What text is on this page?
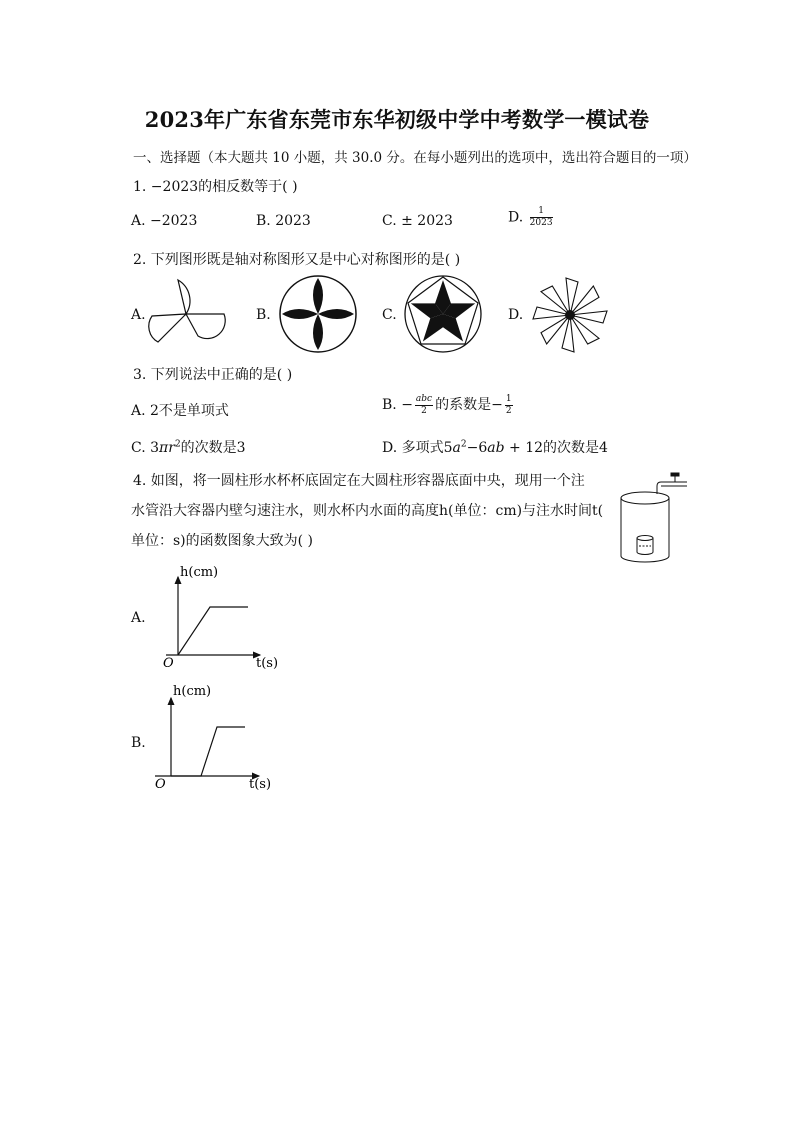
2023年广东省东莞市东华初级中学中考数学一模试卷
一、选择题（本大题共 10 小题，共 30.0 分。在每小题列出的选项中，选出符合题目的一项）
1. −2023的相反数等于( )
A. −2023	B. 2023	C. ± 2023	D. $\frac{1}{2023}$
2. 下列图形既是轴对称图形又是中心对称图形的是( )
A.	B.	C.	D.
3. 下列说法中正确的是( )
A. 2不是单项式	B. − $\frac{\text{abc}}{2}$ 的系数是− $\frac{1}{2}$
C. $3\pi r^2$的次数是3	D. 多项式$5a^2-6ab + 12$的次数是4
4. 如图，将一圆柱形水杯杯底固定在大圆柱形容器底面中央，现用一个注
水管沿大容器内壁匀速注水，则水杯内水面的高度h(单位：cm)与注水时间t(
单位：s)的函数图象大致为( )
A.
B.
h(cm)
t(s)
O
h(cm)
t(s)
O
